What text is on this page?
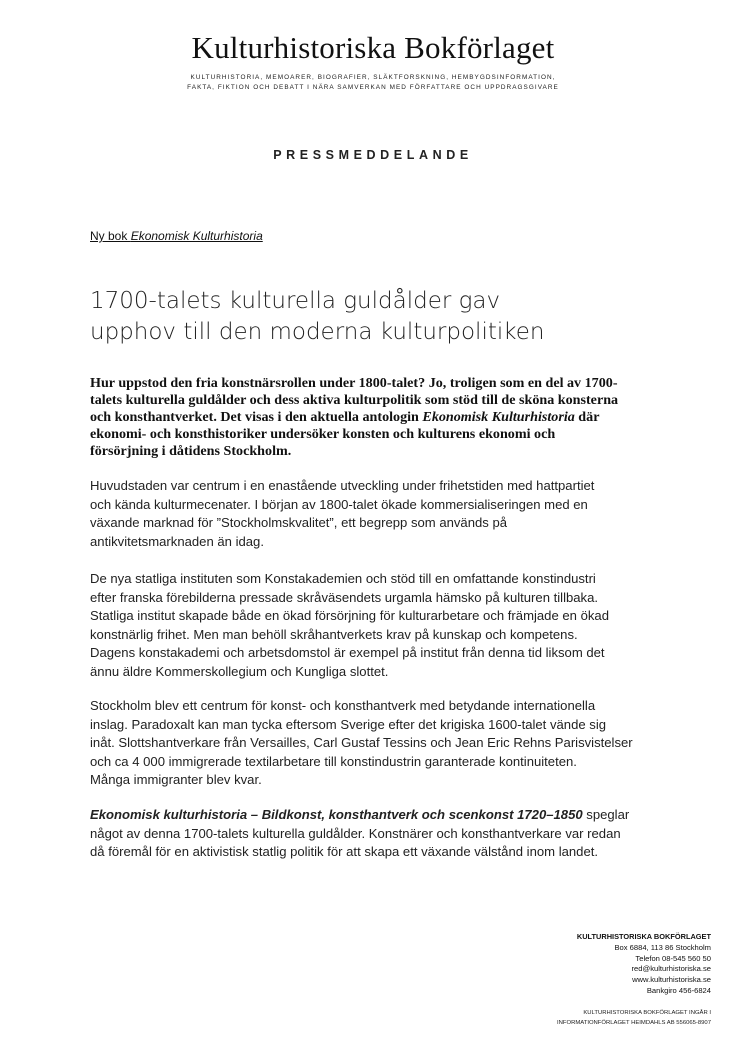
Kulturhistoriska Bokförlaget
KULTURHISTORIA, MEMOARER, BIOGRAFIER, SLÄKTFORSKNING, HEMBYGDSINFORMATION,
FAKTA, FIKTION OCH DEBATT I NÄRA SAMVERKAN MED FÖRFATTARE OCH UPPDRAGSGIVARE
PRESSMEDDELANDE
Ny bok Ekonomisk Kulturhistoria
1700-talets kulturella guldålder gav
upphov till den moderna kulturpolitiken
Hur uppstod den fria konstnärsrollen under 1800-talet? Jo, troligen som en del av 1700-
talets kulturella guldålder och dess aktiva kulturpolitik som stöd till de sköna konsterna
och konsthantverket. Det visas i den aktuella antologin Ekonomisk Kulturhistoria där
ekonomi- och konsthistoriker undersöker konsten och kulturens ekonomi och
försörjning i dåtidens Stockholm.
Huvudstaden var centrum i en enastående utveckling under frihetstiden med hattpartiet
och kända kulturmecenater. I början av 1800-talet ökade kommersialiseringen med en
växande marknad för ”Stockholmskvalitet”, ett begrepp som används på
antikvitetsmarknaden än idag.
De nya statliga instituten som Konstakademien och stöd till en omfattande konstindustri
efter franska förebilderna pressade skråväsendets urgamla hämsko på kulturen tillbaka.
Statliga institut skapade både en ökad försörjning för kulturarbetare och främjade en ökad
konstnärlig frihet. Men man behöll skråhantverkets krav på kunskap och kompetens.
Dagens konstakademi och arbetsdomstol är exempel på institut från denna tid liksom det
ännu äldre Kommerskollegium och Kungliga slottet.
Stockholm blev ett centrum för konst- och konsthantverk med betydande internationella
inslag. Paradoxalt kan man tycka eftersom Sverige efter det krigiska 1600-talet vände sig
inåt. Slottshantverkare från Versailles, Carl Gustaf Tessins och Jean Eric Rehns Parisvistelser
och ca 4 000 immigrerade textilarbetare till konstindustrin garanterade kontinuiteten.
Många immigranter blev kvar.
Ekonomisk kulturhistoria – Bildkonst, konsthantverk och scenkonst 1720–1850 speglar
något av denna 1700-talets kulturella guldålder. Konstnärer och konsthantverkare var redan
då föremål för en aktivistisk statlig politik för att skapa ett växande välstånd inom landet.
KULTURHISTORISKA BOKFÖRLAGET
Box 6884, 113 86 Stockholm
Telefon 08-545 560 50
red@kulturhistoriska.se
www.kulturhistoriska.se
Bankgiro 456-6824
KULTURHISTORISKA BOKFÖRLAGET INGÅR I
INFORMATIONFÖRLAGET HEIMDAHLS AB 556065-8907
